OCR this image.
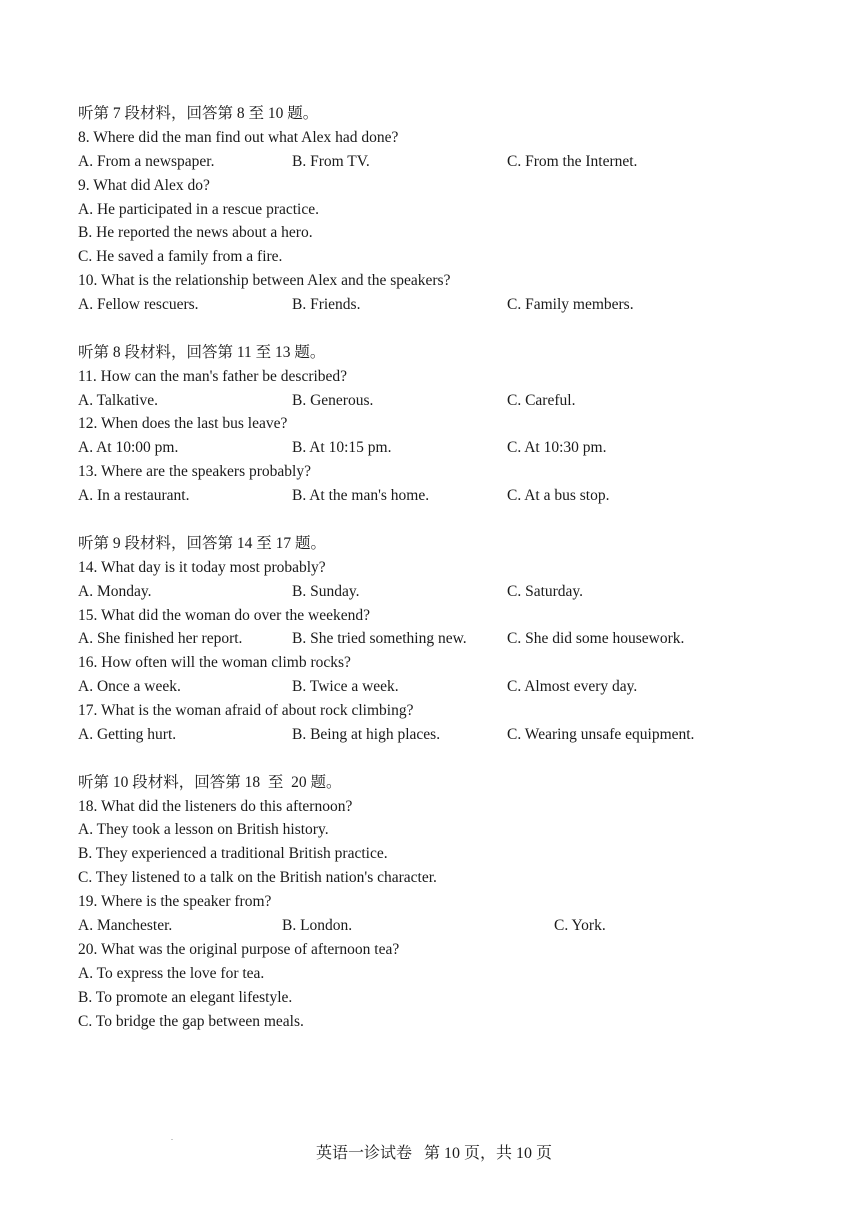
听第 7 段材料，回答第 8 至 10 题。
8. Where did the man find out what Alex had done?
A. From a newspaper.	B. From TV.	C. From the Internet.
9. What did Alex do?
A. He participated in a rescue practice.
B. He reported the news about a hero.
C. He saved a family from a fire.
10. What is the relationship between Alex and the speakers?
A. Fellow rescuers.	B. Friends.	C. Family members.
听第 8 段材料，回答第 11 至 13 题。
11. How can the man's father be described?
A. Talkative.	B. Generous.	C. Careful.
12. When does the last bus leave?
A. At 10:00 pm.	B. At 10:15 pm.	C. At 10:30 pm.
13. Where are the speakers probably?
A. In a restaurant.	B. At the man's home.	C. At a bus stop.
听第 9 段材料，回答第 14 至 17 题。
14. What day is it today most probably?
A. Monday.	B. Sunday.	C. Saturday.
15. What did the woman do over the weekend?
A. She finished her report.	B. She tried something new.	C. She did some housework.
16. How often will the woman climb rocks?
A. Once a week.	B. Twice a week.	C. Almost every day.
17. What is the woman afraid of about rock climbing?
A. Getting hurt.	B. Being at high places.	C. Wearing unsafe equipment.
听第 10 段材料，回答第 18  至  20 题。
18. What did the listeners do this afternoon?
A. They took a lesson on British history.
B. They experienced a traditional British practice.
C. They listened to a talk on the British nation's character.
19. Where is the speaker from?
A. Manchester.	B. London.	C. York.
20. What was the original purpose of afternoon tea?
A. To express the love for tea.
B. To promote an elegant lifestyle.
C. To bridge the gap between meals.
.
英语一诊试卷   第 10 页，共 10 页
